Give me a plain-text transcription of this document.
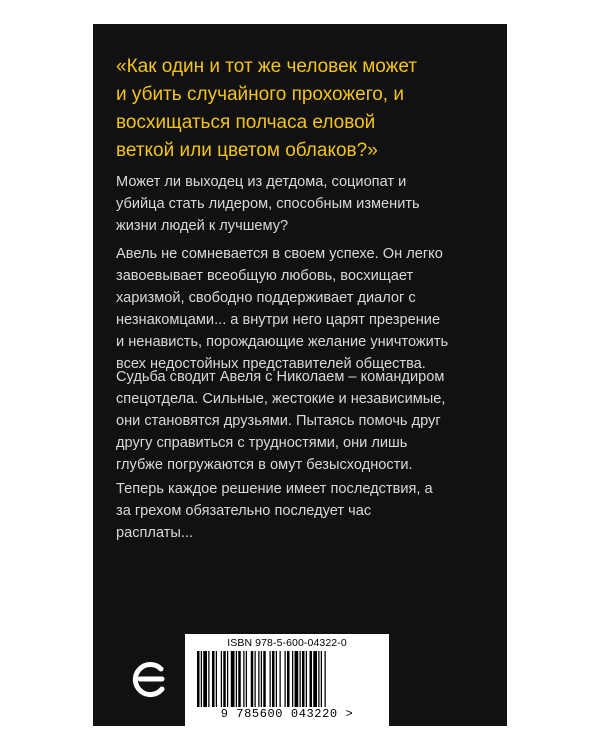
«Как один и тот же человек может
и убить случайного прохожего, и
восхищаться полчаса еловой
веткой или цветом облаков?»

Может ли выходец из детдома, социопат и
убийца стать лидером, способным изменить
жизни людей к лучшему?

Авель не сомневается в своем успехе. Он легко
завоевывает всеобщую любовь, восхищает
харизмой, свободно поддерживает диалог с
незнакомцами... а внутри него царят презрение
и ненависть, порождающие желание уничтожить
всех недостойных представителей общества.

Судьба сводит Авеля с Николаем – командиром
спецотдела. Сильные, жестокие и независимые,
они становятся друзьями. Пытаясь помочь друг
другу справиться с трудностями, они лишь
глубже погружаются в омут безысходности.

Теперь каждое решение имеет последствия, а
за грехом обязательно последует час
расплаты...

ISBN 978-5-600-04322-0
9 785600 043220 >
